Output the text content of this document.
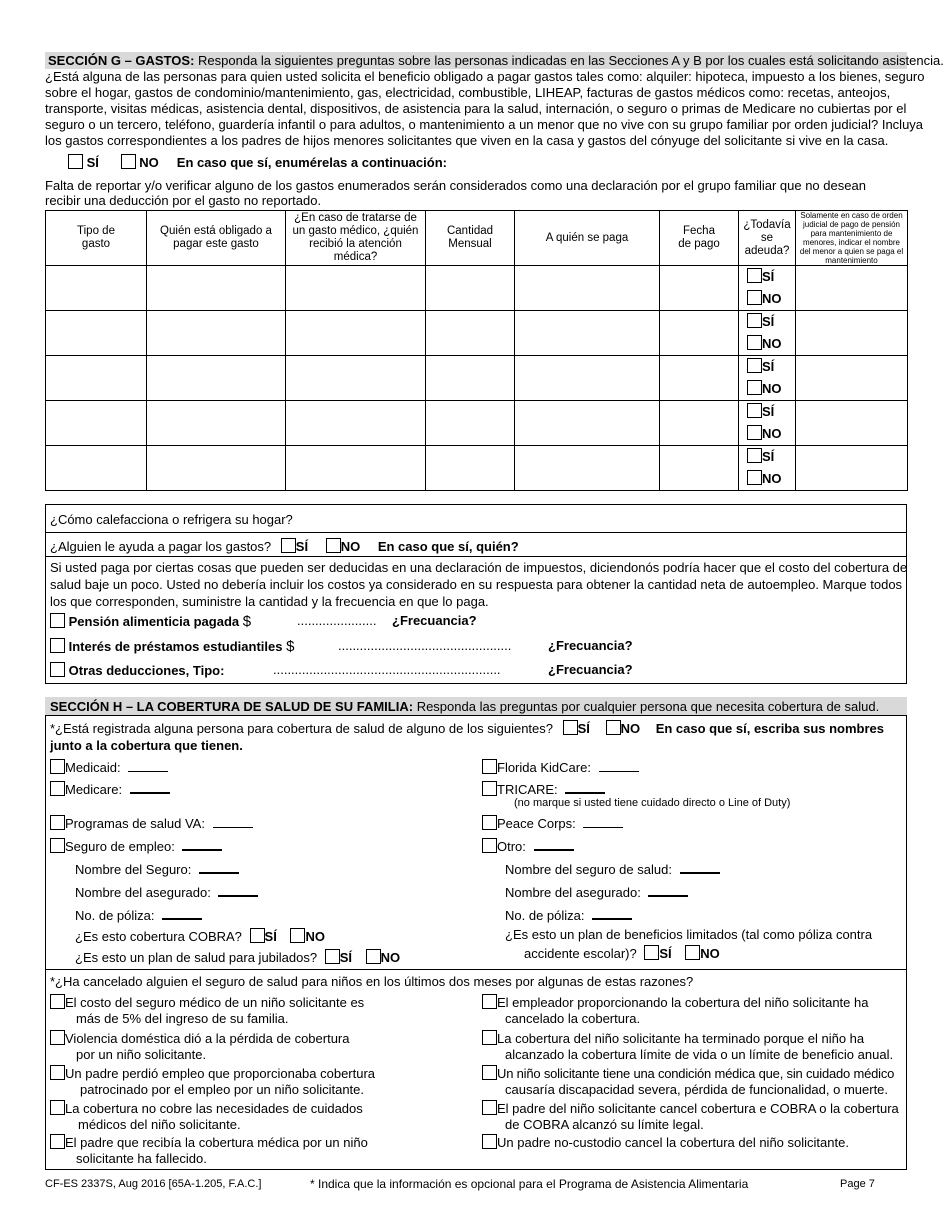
SECCIÓN G – GASTOS: Responda la siguientes preguntas sobre las personas indicadas en las Secciones A y B por los cuales está solicitando asistencia.
¿Está alguna de las personas para quien usted solicita el beneficio obligado a pagar gastos tales como: alquiler: hipoteca, impuesto a los bienes, seguro
sobre el hogar, gastos de condominio/mantenimiento, gas, electricidad, combustible, LIHEAP, facturas de gastos médicos como: recetas, anteojos,
transporte, visitas médicas, asistencia dental, dispositivos, de asistencia para la salud, internación, o seguro o primas de Medicare no cubiertas por el
seguro o un tercero, teléfono, guardería infantil o para adultos, o mantenimiento a un menor que no vive con su grupo familiar por orden judicial? Incluya
los gastos correspondientes a los padres de hijos menores solicitantes que viven en la casa y gastos del cónyuge del solicitante si vive en la casa.
SÍ	NO En caso que sí, enumérelas a continuación:
Falta de reportar y/o verificar alguno de los gastos enumerados serán considerados como una declaración por el grupo familiar que no desean
recibir una deducción por el gasto no reportado.
Tipo de gasto	Quién está obligado a pagar este gasto	¿En caso de tratarse de un gasto médico, ¿quién recibió la atención médica?	Cantidad Mensual	A quién se paga	Fecha de pago	¿Todavía se adeuda?	Solamente en caso de orden judicial de pago de pensión para mantenimiento de menores, indicar el nombre del menor a quien se paga el mantenimiento

						SÍ
NO	

						SÍ
NO	

						SÍ
NO	

						SÍ
NO	

						SÍ
NO	

¿Cómo calefacciona o refrigera su hogar?
¿Alguien le ayuda a pagar los gastos? SÍ	NO En caso que sí, quién?
Si usted paga por ciertas cosas que pueden ser deducidas en una declaración de impuestos, diciendonós podría hacer que el costo del cobertura de
salud baje un poco. Usted no debería incluir los costos ya considerado en su respuesta para obtener la cantidad neta de autoempleo. Marque todos
los que corresponden, suministre la cantidad y la frecuencia en que lo paga.
Pensión alimenticia pagada $	...................... ¿Frecuancia?
Interés de préstamos estudiantiles $	................................................	¿Frecuancia?
Otras deducciones, Tipo:	...............................................................	¿Frecuancia?
SECCIÓN H – LA COBERTURA DE SALUD DE SU FAMILIA: Responda las preguntas por cualquier persona que necesita cobertura de salud.
*¿Está registrada alguna persona para cobertura de salud de alguno de los siguientes? SÍ NO En caso que sí, escriba sus nombres
junto a la cobertura que tienen.
Medicaid:
Medicare:
Programas de salud VA:
Seguro de empleo:
Nombre del Seguro:
Nombre del asegurado:
No. de póliza:
¿Es esto cobertura COBRA? SÍ NO
¿Es esto un plan de salud para jubilados? SÍ NO
Florida KidCare:
TRICARE:
(no marque si usted tiene cuidado directo o Line of Duty)
Peace Corps:
Otro:
Nombre del seguro de salud:
Nombre del asegurado:
No. de póliza:
¿Es esto un plan de beneficios limitados (tal como póliza contra
accidente escolar)? SÍ NO
*¿Ha cancelado alguien el seguro de salud para niños en los últimos dos meses por algunas de estas razones?
El costo del seguro médico de un niño solicitante es
más de 5% del ingreso de su familia.
Violencia doméstica dió a la pérdida de cobertura
por un niño solicitante.
Un padre perdió empleo que proporcionaba cobertura
patrocinado por el empleo por un niño solicitante.
La cobertura no cobre las necesidades de cuidados
médicos del niño solicitante.
El padre que recibía la cobertura médica por un niño
solicitante ha fallecido.
El empleador proporcionando la cobertura del niño solicitante ha
cancelado la cobertura.
La cobertura del niño solicitante ha terminado porque el niño ha
alcanzado la cobertura límite de vida o un límite de beneficio anual.
Un niño solicitante tiene una condición médica que, sin cuidado médico
causaría discapacidad severa, pérdida de funcionalidad, o muerte.
El padre del niño solicitante cancel cobertura e COBRA o la cobertura
de COBRA alcanzó su límite legal.
Un padre no-custodio cancel la cobertura del niño solicitante.
CF-ES 2337S, Aug 2016 [65A-1.205, F.A.C.]	* Indica que la información es opcional para el Programa de Asistencia Alimentaria	Page 7
